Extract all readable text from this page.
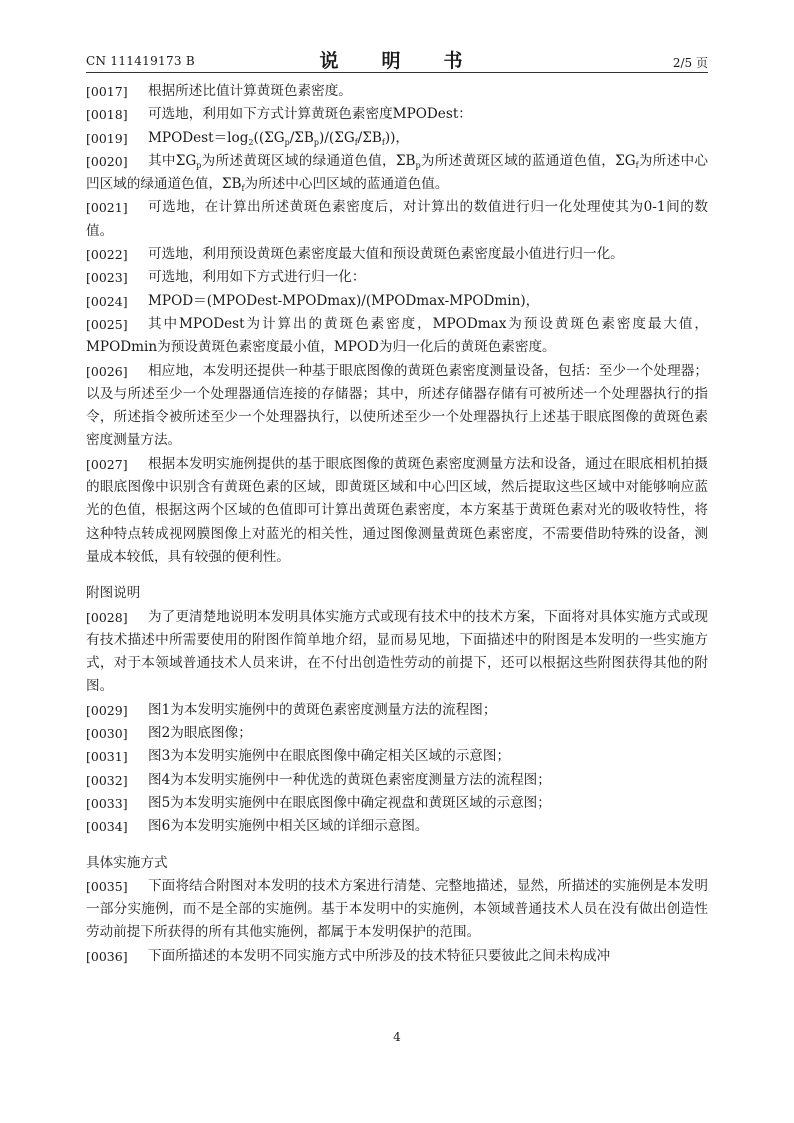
CN 111419173 B	说　明　书	2/5 页

[0017] 根据所述比值计算黄斑色素密度。

[0018] 可选地，利用如下方式计算黄斑色素密度MPODest：

[0019] $MPODest=\log_2((\Sigma G_p/\Sigma B_p)/(\Sigma G_f/\Sigma B_f))$，

[0020]	其中$\Sigma G_p$为所述黄斑区域的绿通道色值，$\Sigma B_p$为所述黄斑区域的蓝通道色值，$\Sigma G_f$为所述中心凹区域的绿通道色值，$\Sigma B_f$为所述中心凹区域的蓝通道色值。

[0021]	可选地，在计算出所述黄斑色素密度后，对计算出的数值进行归一化处理使其为0-1间的数值。

[0022] 可选地，利用预设黄斑色素密度最大值和预设黄斑色素密度最小值进行归一化。

[0023] 可选地，利用如下方式进行归一化：

[0024] MPOD＝(MPODest-MPODmax)/(MPODmax-MPODmin)，

[0025]	其中MPODest为计算出的黄斑色素密度，MPODmax为预设黄斑色素密度最大值，MPODmin为预设黄斑色素密度最小值，MPOD为归一化后的黄斑色素密度。

[0026]	相应地，本发明还提供一种基于眼底图像的黄斑色素密度测量设备，包括：至少一个处理器；以及与所述至少一个处理器通信连接的存储器；其中，所述存储器存储有可被所述一个处理器执行的指令，所述指令被所述至少一个处理器执行，以使所述至少一个处理器执行上述基于眼底图像的黄斑色素密度测量方法。

[0027]	根据本发明实施例提供的基于眼底图像的黄斑色素密度测量方法和设备，通过在眼底相机拍摄的眼底图像中识别含有黄斑色素的区域，即黄斑区域和中心凹区域，然后提取这些区域中对能够响应蓝光的色值，根据这两个区域的色值即可计算出黄斑色素密度，本方案基于黄斑色素对光的吸收特性，将这种特点转成视网膜图像上对蓝光的相关性，通过图像测量黄斑色素密度，不需要借助特殊的设备，测量成本较低，具有较强的便利性。

附图说明

[0028]	为了更清楚地说明本发明具体实施方式或现有技术中的技术方案，下面将对具体实施方式或现有技术描述中所需要使用的附图作简单地介绍，显而易见地，下面描述中的附图是本发明的一些实施方式，对于本领域普通技术人员来讲，在不付出创造性劳动的前提下，还可以根据这些附图获得其他的附图。

[0029] 图1为本发明实施例中的黄斑色素密度测量方法的流程图；

[0030] 图2为眼底图像；

[0031] 图3为本发明实施例中在眼底图像中确定相关区域的示意图；

[0032] 图4为本发明实施例中一种优选的黄斑色素密度测量方法的流程图；

[0033] 图5为本发明实施例中在眼底图像中确定视盘和黄斑区域的示意图；

[0034] 图6为本发明实施例中相关区域的详细示意图。

具体实施方式

[0035]	下面将结合附图对本发明的技术方案进行清楚、完整地描述，显然，所描述的实施例是本发明一部分实施例，而不是全部的实施例。基于本发明中的实施例，本领域普通技术人员在没有做出创造性劳动前提下所获得的所有其他实施例，都属于本发明保护的范围。

[0036] 下面所描述的本发明不同实施方式中所涉及的技术特征只要彼此之间未构成冲

4
